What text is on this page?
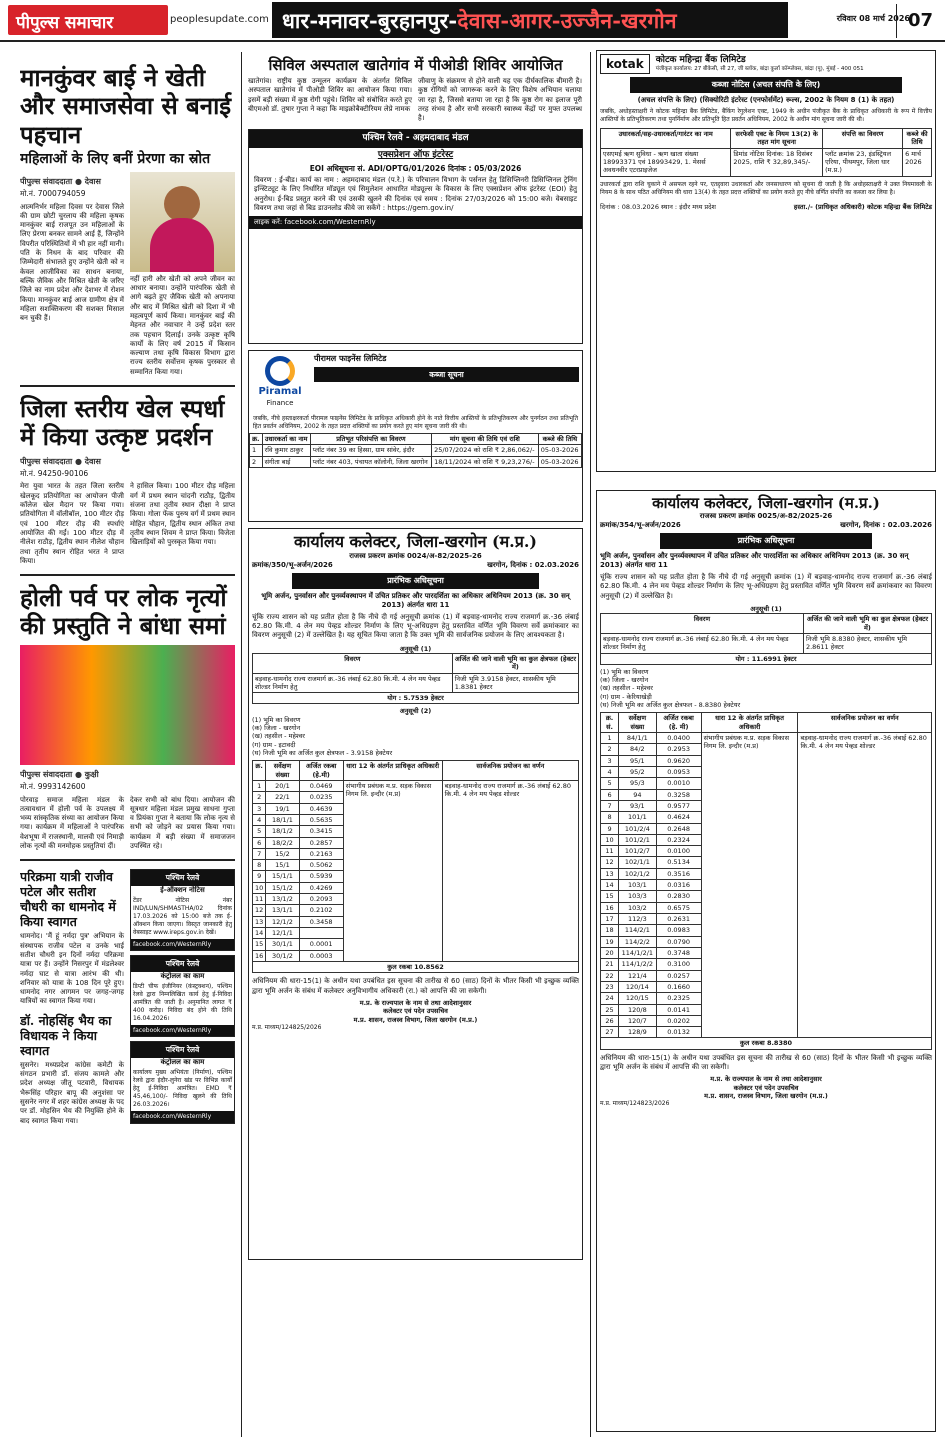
पीपुल्स समाचार	peoplesupdate.com धार-मनावर-बुरहानपुर-देवास-आगर-उज्जैन-खरगोन	रविवार 08 मार्च 2026
07
मानकुंवर बाई ने खेती और समाजसेवा से बनाई पहचान
महिलाओं के लिए बनीं प्रेरणा का स्रोत
पीपुल्स संवाददाता ● देवास
मो.नं. 7000794059
आत्मनिर्भर महिला दिवस पर देवास जिले की ग्राम छोटी चुरलाय की महिला कृषक मानकुंवर बाई राजपूत उन महिलाओं के लिए प्रेरणा बनकर सामने आई हैं, जिन्होंने विपरीत परिस्थितियों में भी हार नहीं मानी। पति के निधन के बाद परिवार की जिम्मेदारी संभालते हुए उन्होंने खेती को न केवल आजीविका का साधन बनाया, बल्कि जैविक और मिश्रित खेती के जरिए जिले का नाम प्रदेश और देशभर में रोशन किया। मानकुंवर बाई आज ग्रामीण क्षेत्र में महिला सशक्तिकरण की सशक्त मिसाल बन चुकी हैं।
नहीं हारी और खेती को अपने जीवन का आधार बनाया। उन्होंने पारंपरिक खेती से आगे बढ़ते हुए जैविक खेती को अपनाया और बाद में मिश्रित खेती को दिशा में भी महत्वपूर्ण कार्य किया। मानकुंवर बाई की मेहनत और नवाचार ने उन्हें प्रदेश स्तर तक पहचान दिलाई। उनके उत्कृष्ट कृषि कार्यों के लिए वर्ष 2015 में किसान कल्याण तथा कृषि विकास विभाग द्वारा राज्य स्तरीय सर्वोत्तम कृषक पुरस्कार से सम्मानित किया गया।
जिला स्तरीय खेल स्पर्धा में किया उत्कृष्ट प्रदर्शन
पीपुल्स संवाददाता ● देवास
मो.नं. 94250-90106
मेरा युवा भारत के तहत जिला स्तरीय खेलकूद प्रतियोगिता का आयोजन पीजी कॉलेज खेल मैदान पर किया गया। प्रतियोगिता में वॉलीबॉल, 100 मीटर दौड़ एवं 100 मीटर दौड़ की स्पर्धाएं आयोजित की गईं। 100 मीटर दौड़ में नीलेश राठौड़, द्वितीय स्थान नीलेश चौहान तथा तृतीय स्थान रोहित भरत ने प्राप्त किया।
ने हासिल किया। 100 मीटर दौड़ महिला वर्ग में प्रथम स्थान चांदनी राठौड़, द्वितीय संजना तथा तृतीय स्थान दीक्षा ने प्राप्त किया। गोला फेंक पुरुष वर्ग में प्रथम स्थान मोहित चौहान, द्वितीय स्थान अंकित तथा तृतीय स्थान शिवम ने प्राप्त किया। विजेता खिलाड़ियों को पुरस्कृत किया गया।
होली पर्व पर लोक नृत्यों की प्रस्तुति ने बांधा समां
पीपुल्स संवाददाता ● कुक्षी
मो.नं. 9993142600
पोरवाड़ समाज महिला मंडल के तत्वावधान में होली पर्व के उपलक्ष्य में भव्य सांस्कृतिक संध्या का आयोजन किया गया। कार्यक्रम में महिलाओं ने पारंपरिक वेशभूषा में राजस्थानी, मालवी एवं निमाड़ी लोक नृत्यों की मनमोहक प्रस्तुतियां दीं।
देकर सभी को बांध दिया। आयोजन की सूत्रधार महिला मंडल प्रमुख साधना गुप्ता व प्रियंका गुप्ता ने बताया कि लोक नृत्य से सभी को जोड़ने का प्रयास किया गया। कार्यक्रम में बड़ी संख्या में समाजजन उपस्थित रहे।
परिक्रमा यात्री राजीव पटेल और सतीश चौधरी का धामनोद में किया स्वागत
धामनोद। 'मैं हूं नर्मदा पुत्र' अभियान के संस्थापक राजीव पटेल व उनके भाई सतीश चौधरी इन दिनों नर्मदा परिक्रमा यात्रा पर हैं। उन्होंने निसरपुर में मंडलेश्वर नर्मदा घाट से यात्रा आरंभ की थी। शनिवार को यात्रा के 108 दिन पूरे हुए। धामनोद नगर आगमन पर जगह-जगह यात्रियों का स्वागत किया गया।
डॉ. नोहसिंह भैय का विधायक ने किया स्वागत
सुसनेर। मध्यप्रदेश कांग्रेस कमेटी के संगठन प्रभारी डॉ. संजय कामले और प्रदेश अध्यक्ष जीतू पटवारी, विधायक भैरूसिंह परिहार बापू की अनुशंसा पर सुसनेर नगर में शहर कांग्रेस अध्यक्ष के पद पर डॉ. मोहसिन भैय की नियुक्ति होने के बाद स्वागत किया गया।
पश्चिम रेलवे
ई-ऑक्शन नोटिस
टेंडर नोटिस नंबर IND/LUN/SHMASTHA/02 दिनांक 17.03.2026 को 15:00 बजे तक ई-ऑक्शन किया जाएगा। विस्तृत जानकारी हेतु वेबसाइट www.ireps.gov.in देखें।
facebook.com/WesternRly
पश्चिम रेलवे
कंट्रोलल का काम
डिप्टी चीफ इंजीनियर (कंस्ट्रक्शन), पश्चिम रेलवे द्वारा निम्नलिखित कार्य हेतु ई-निविदा आमंत्रित की जाती है। अनुमानित लागत ₹ 400 करोड़। निविदा बंद होने की तिथि 16.04.2026।
facebook.com/WesternRly
पश्चिम रेलवे
कंट्रोलल का काम
कार्यालय मुख्य अभियंता (निर्माण), पश्चिम रेलवे द्वारा इंदौर-लुनेरा खंड पर विभिन्न कार्यों हेतु ई-निविदा आमंत्रित। EMD ₹ 45,46,100/- निविदा खुलने की तिथि 26.03.2026।
facebook.com/WesternRly
सिविल अस्पताल खातेगांव में पीओडी शिविर आयोजित
खातेगांव। राष्ट्रीय कुष्ठ उन्मूलन कार्यक्रम के अंतर्गत सिविल अस्पताल खातेगांव में पीओडी शिविर का आयोजन किया गया। इसमें बड़ी संख्या में कुष्ठ रोगी पहुंचे। शिविर को संबोधित करते हुए बीएमओ डॉ. तुषार गुप्ता ने कहा कि माइक्रोबैक्टीरियम लेप्रे नामक
जीवाणु के संक्रमण से होने वाली यह एक दीर्घकालिक बीमारी है। कुष्ठ रोगियों को जागरूक करने के लिए विशेष अभियान चलाया जा रहा है, जिससे बताया जा रहा है कि कुष्ठ रोग का इलाज पूरी तरह संभव है और सभी सरकारी स्वास्थ्य केंद्रों पर मुफ्त उपलब्ध है।
पश्चिम रेलवे - अहमदाबाद मंडल
एक्सप्रेशन ऑफ इंटरेस्ट
EOI अधिसूचना सं. ADI/OPTG/01/2026 दिनांक : 05/03/2026
विवरण : ई-बीड। कार्य का नाम : अहमदाबाद मंडल (प.रे.) के परिचालन विभाग के पर्सनल हेतु डिसिप्लिनरी डिसिप्लिनल ट्रेनिंग इन्स्टिट्यूट के लिए निर्धारित मॉड्यूल एवं सिमुलेशन आधारित मोड्यूल्स के विकास के लिए एक्सप्रेशन ऑफ इंटरेस्ट (EOI) हेतु अनुरोध। ई-बिड प्रस्तुत करने की एवं उसकी खुलने की दिनांक एवं समय : दिनांक 27/03/2026 को 15:00 बजे। वेबसाइट विवरण तथा जहां से बिड डाउनलोड कीये जा सकेंगे : https://gem.gov.in/
लाइक करें: facebook.com/WesternRly
Piramal
Finance
पीरामल फाइनेंस लिमिटेड
कब्जा सूचना
जबकि, नीचे हस्ताक्षरकर्ता पीरामल फाइनेंस लिमिटेड के प्राधिकृत अधिकारी होने के नाते वित्तीय आस्तियों के प्रतिभूतिकरण और पुनर्गठन तथा प्रतिभूति हित प्रवर्तन अधिनियम, 2002 के तहत प्रदत्त शक्तियों का प्रयोग करते हुए मांग सूचना जारी की थी।
क्र.	उधारकर्ता का नाम	प्रतिभूत परिसंपत्ति का विवरण	मांग सूचना की तिथि एवं राशि	कब्जे की तिथि
1	रवि कुमार ठाकुर	प्लॉट नंबर 39 का हिस्सा, ग्राम सांवेर, इंदौर	25/07/2024 को राशि ₹ 2,86,062/-	05-03-2026
2	संगीता बाई	प्लॉट नंबर 403, पंचायत कॉलोनी, जिला खरगोन	18/11/2024 को राशि ₹ 9,23,276/-	05-03-2026
कार्यालय कलेक्टर, जिला-खरगोन (म.प्र.)
राजस्व प्रकरण क्रमांक 0024/अ-82/2025-26
क्रमांक/350/भू-अर्जन/2026	खरगोन, दिनांक : 02.03.2026
प्रारंभिक अधिसूचना
भूमि अर्जन, पुनर्वासन और पुनर्व्यवस्थापन में उचित प्रतिकर और पारदर्शिता का अधिकार अधिनियम 2013 (क्र. 30 सन् 2013) अंतर्गत धारा 11
चूंकि राज्य शासन को यह प्रतीत होता है कि नीचे दी गई अनुसूची क्रमांक (1) में बड़वाह-धामनोद राज्य राजमार्ग क्र.-36 लंबाई 62.80 कि.मी. 4 लेन मय पेव्हड शोल्डर निर्माण के लिए भू-अधिग्रहण हेतु प्रस्तावित वर्णित भूमि विवरण सर्वे क्रमांकवार का विवरण अनुसूची (2) में उल्लेखित है। यह सूचित किया जाता है कि उक्त भूमि की सार्वजनिक प्रयोजन के लिए आवश्यकता है।
अनुसूची (1)
विवरण	अर्जित की जाने वाली भूमि का कुल क्षेत्रफल (हेक्टर में)
बड़वाह-धामनोद राज्य राजमार्ग क्र.-36 लंबाई 62.80 कि.मी. 4 लेन मय पेव्हड शोल्डर निर्माण हेतु	निजी भूमि 3.9158 हेक्टर, शासकीय भूमि 1.8381 हेक्टर
योग : 5.7539 हेक्टर	
अनुसूची (2)
(1) भूमि का विवरण
(क) जिला - खरगोन
(ख) तहसील - महेश्वर
(ग) ग्राम - इटावदी
(घ) निजी भूमि का अर्जित कुल क्षेत्रफल - 3.9158 हेक्टेयर
क्र.	सर्वेक्षण संख्या	अर्जित रकबा (हे.मी)	धारा 12 के अंतर्गत प्राधिकृत अधिकारी	सार्वजनिक प्रयोजन का वर्णन
1	20/1	0.0469	संभागीय प्रबंधक म.प्र. सड़क विकास निगम लि. इन्दौर (म.प्र)	बड़वाह-धामनोद राज्य राजमार्ग क्र.-36 लंबाई 62.80 कि.मी. 4 लेन मय पेव्हड शोल्डर
2	22/1	0.0235		
3	19/1	0.4639		
4	18/1/1	0.5635		
5	18/1/2	0.3415		
6	18/2/2	0.2857		
7	15/2	0.2163		
8	15/1	0.5062		
9	15/1/1	0.5939		
10	15/1/2	0.4269		
11	13/1/2	0.2093		
12	13/1/1	0.2102		
13	12/1/2	0.3458		
14	12/1/1			
15	30/1/1	0.0001		
16	30/1/2	0.0003		
कुल रकबा 10.8562				
अधिनियम की धारा-15(1) के अधीन यथा उपबंधित इस सूचना की तारीख से 60 (साठ) दिनों के भीतर किसी भी इच्छुक व्यक्ति द्वारा भूमि अर्जन के संबंध में कलेक्टर अनुविभागीय अधिकारी (रा.) को आपत्ति की जा सकेगी।
म.प्र. के राज्यपाल के नाम से तथा आदेशानुसार
कलेक्टर एवं पदेन उपसचिव
म.प्र. शासन, राजस्व विभाग, जिला खरगोन (म.प्र.)
म.प्र. माध्यम/124825/2026
kotak	कोटक महिन्द्रा बैंक लिमिटेड
पंजीकृत कार्यालय: 27 बीकेसी, सी 27, जी ब्लॉक, बांद्रा कुर्ला कॉम्प्लेक्स, बांद्रा (पू), मुंबई - 400 051
कब्जा नोटिस (अचल संपत्ति के लिए)
(अचल संपत्ति के लिए) (सिक्योरिटी इंटरेस्ट (एनफोर्समेंट) रूल्स, 2002 के नियम 8 (1) के तहत)
जबकि, अधोहस्ताक्षरी ने कोटक महिन्द्रा बैंक लिमिटेड, बैंकिंग रेगुलेशन एक्ट, 1949 के अधीन पंजीकृत बैंक के प्राधिकृत अधिकारी के रूप में वित्तीय आस्तियों के प्रतिभूतिकरण तथा पुनर्निर्माण और प्रतिभूति हित प्रवर्तन अधिनियम, 2002 के अधीन मांग सूचना जारी की थी।
उधारकर्ता/सह-उधारकर्ता/गारंटर का नाम	सरफेसी एक्ट के नियम 13(2) के तहत मांग सूचना	संपत्ति का विवरण	कब्जे की तिथि
एसएमई ऋण सुविधा - ऋण खाता संख्या 18993371 एवं 18993429, 1. मेसर्स अवधनवीर एटरप्राइजेज	डिमांड नोटिस दिनांक: 18 दिसंबर 2025, राशि ₹ 32,89,345/-	प्लॉट क्रमांक 23, इंडस्ट्रियल एरिया, पीथमपुर, जिला धार (म.प्र.)	6 मार्च 2026
उधारकर्ता द्वारा राशि चुकाने में असफल रहने पर, एतद्द्वारा उधारकर्ता और जनसाधारण को सूचना दी जाती है कि अधोहस्ताक्षरी ने उक्त नियमावली के नियम 8 के साथ पठित अधिनियम की धारा 13(4) के तहत प्रदत्त शक्तियों का प्रयोग करते हुए नीचे वर्णित संपत्ति का कब्जा कर लिया है।
दिनांक : 08.03.2026 स्थान : इंदौर मध्य प्रदेश	हस्ता./- (प्राधिकृत अधिकारी) कोटक महिन्द्रा बैंक लिमिटेड
कार्यालय कलेक्टर, जिला-खरगोन (म.प्र.)
राजस्व प्रकरण क्रमांक 0025/अ-82/2025-26
क्रमांक/354/भू-अर्जन/2026	खरगोन, दिनांक : 02.03.2026
प्रारंभिक अधिसूचना
भूमि अर्जन, पुनर्वासन और पुनर्व्यवस्थापन में उचित प्रतिकर और पारदर्शिता का अधिकार अधिनियम 2013 (क्र. 30 सन् 2013) अंतर्गत धारा 11
चूंकि राज्य शासन को यह प्रतीत होता है कि नीचे दी गई अनुसूची क्रमांक (1) में बड़वाह-धामनोद राज्य राजमार्ग क्र.-36 लंबाई 62.80 कि.मी. 4 लेन मय पेव्हड शोल्डर निर्माण के लिए भू-अधिग्रहण हेतु प्रस्तावित वर्णित भूमि विवरण सर्वे क्रमांकवार का विवरण अनुसूची (2) में उल्लेखित है।
अनुसूची (1)
विवरण	अर्जित की जाने वाली भूमि का कुल क्षेत्रफल (हेक्टर में)
बड़वाह-धामनोद राज्य राजमार्ग क्र.-36 लंबाई 62.80 कि.मी. 4 लेन मय पेव्हड शोल्डर निर्माण हेतु	निजी भूमि 8.8380 हेक्टर, शासकीय भूमि 2.8611 हेक्टर
योग : 11.6991 हेक्टर	
(1) भूमि का विवरण
(क) जिला - खरगोन
(ख) तहसील - महेश्वर
(ग) ग्राम - केरियाखेड़ी
(घ) निजी भूमि का अर्जित कुल क्षेत्रफल - 8.8380 हेक्टेयर
क्र. सं.	सर्वेक्षण संख्या	अर्जित रकबा (हे. मी)	धारा 12 के अंतर्गत प्राधिकृत अधिकारी	सार्वजनिक प्रयोजन का वर्णन
1	84/1/1	0.0400	संभागीय प्रबंधक म.प्र. सड़क विकास निगम लि. इन्दौर (म.प्र)	बड़वाह-धामनोद राज्य राजमार्ग क्र.-36 लंबाई 62.80 कि.मी. 4 लेन मय पेव्हड शोल्डर
2	84/2	0.2953		
3	95/1	0.9620		
4	95/2	0.0953		
5	95/3	0.0010		
6	94	0.3258		
7	93/1	0.9577		
8	101/1	0.4624		
9	101/2/4	0.2648		
10	101/2/1	0.2324		
11	101/2/7	0.0100		
12	102/1/1	0.5134		
13	102/1/2	0.3516		
14	103/1	0.0316		
15	103/3	0.2830		
16	103/2	0.6575		
17	112/3	0.2631		
18	114/2/1	0.0983		
19	114/2/2	0.0790		
20	114/1/2/1	0.3748		
21	114/1/2/2	0.3100		
22	121/4	0.0257		
23	120/14	0.1660		
24	120/15	0.2325		
25	120/8	0.0141		
26	120/7	0.0202		
27	128/9	0.0132		
कुल रकबा 8.8380				
अधिनियम की धारा-15(1) के अधीन यथा उपबंधित इस सूचना की तारीख से 60 (साठ) दिनों के भीतर किसी भी इच्छुक व्यक्ति द्वारा भूमि अर्जन के संबंध में आपत्ति की जा सकेगी।
म.प्र. के राज्यपाल के नाम से तथा आदेशानुसार
कलेक्टर एवं पदेन उपसचिव
म.प्र. शासन, राजस्व विभाग, जिला खरगोन (म.प्र.)
म.प्र. माध्यम/124823/2026
